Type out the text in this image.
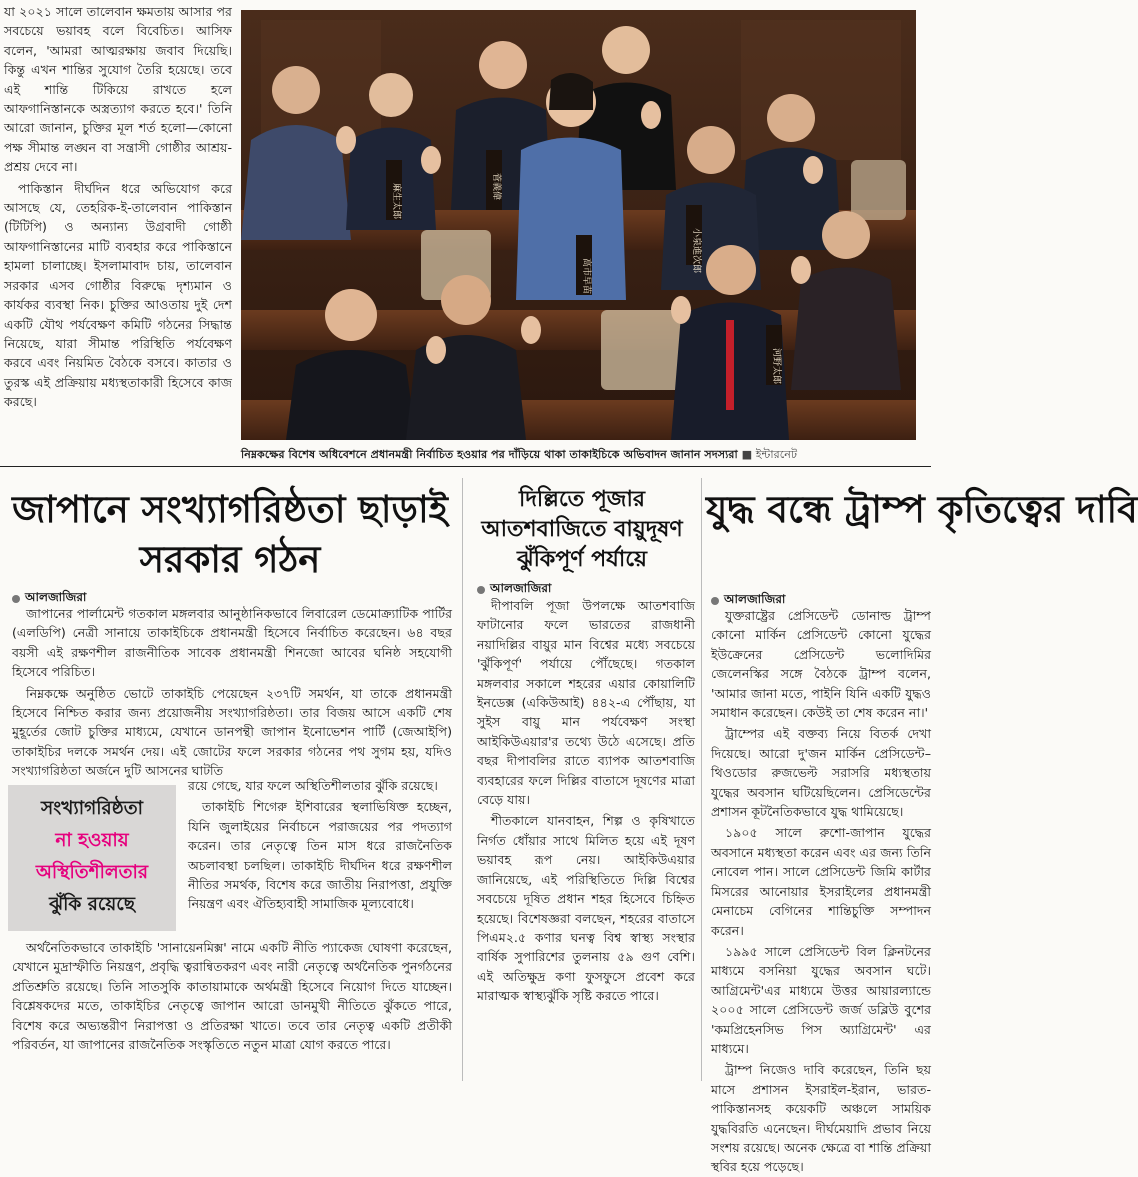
যা ২০২১ সালে তালেবান ক্ষমতায় আসার পর সবচেয়ে ভয়াবহ বলে বিবেচিত। আসিফ বলেন, 'আমরা আত্মরক্ষায় জবাব দিয়েছি। কিন্তু এখন শান্তির সুযোগ তৈরি হয়েছে। তবে এই শান্তি টিকিয়ে রাখতে হলে আফগানিস্তানকে অস্ত্রত্যাগ করতে হবে।' তিনি আরো জানান, চুক্তির মূল শর্ত হলো—কোনো পক্ষ সীমান্ত লঙ্ঘন বা সন্ত্রাসী গোষ্ঠীর আশ্রয়-প্রশ্রয় দেবে না।

পাকিস্তান দীর্ঘদিন ধরে অভিযোগ করে আসছে যে, তেহরিক-ই-তালেবান পাকিস্তান (টিটিপি) ও অন্যান্য উগ্রবাদী গোষ্ঠী আফগানিস্তানের মাটি ব্যবহার করে পাকিস্তানে হামলা চালাচ্ছে। ইসলামাবাদ চায়, তালেবান সরকার এসব গোষ্ঠীর বিরুদ্ধে দৃশ্যমান ও কার্যকর ব্যবস্থা নিক। চুক্তির আওতায় দুই দেশ একটি যৌথ পর্যবেক্ষণ কমিটি গঠনের সিদ্ধান্ত নিয়েছে, যারা সীমান্ত পরিস্থিতি পর্যবেক্ষণ করবে এবং নিয়মিত বৈঠকে বসবে। কাতার ও তুরস্ক এই প্রক্রিয়ায় মধ্যস্থতাকারী হিসেবে কাজ করছে।

麻生太郎	菅義偉
高市早苗
小泉進次郎
河野太郎
নিম্নকক্ষের বিশেষ অধিবেশনে প্রধানমন্ত্রী নির্বাচিত হওয়ার পর দাঁড়িয়ে থাকা তাকাইচিকে অভিবাদন জানান সদস্যরা ■ ইন্টারনেট
জাপানে সংখ্যাগরিষ্ঠতা ছাড়াই সরকার গঠন
আলজাজিরা

জাপানের পার্লামেন্ট গতকাল মঙ্গলবার আনুষ্ঠানিকভাবে লিবারেল ডেমোক্র্যাটিক পার্টির (এলডিপি) নেত্রী সানায়ে তাকাইচিকে প্রধানমন্ত্রী হিসেবে নির্বাচিত করেছেন। ৬৪ বছর বয়সী এই রক্ষণশীল রাজনীতিক সাবেক প্রধানমন্ত্রী শিনজো আবের ঘনিষ্ঠ সহযোগী হিসেবে পরিচিত।

নিম্নকক্ষে অনুষ্ঠিত ভোটে তাকাইচি পেয়েছেন ২৩৭টি সমর্থন, যা তাকে প্রধানমন্ত্রী হিসেবে নিশ্চিত করার জন্য প্রয়োজনীয় সংখ্যাগরিষ্ঠতা। তার বিজয় আসে একটি শেষ মুহূর্তের জোট চুক্তির মাধ্যমে, যেখানে ডানপন্থী জাপান ইনোভেশন পার্টি (জেআইপি) তাকাইচির দলকে সমর্থন দেয়। এই জোটের ফলে সরকার গঠনের পথ সুগম হয়, যদিও সংখ্যাগরিষ্ঠতা অর্জনে দুটি আসনের ঘাটতি

সংখ্যাগরিষ্ঠতা
না হওয়ায়
অস্থিতিশীলতার
ঝুঁকি রয়েছে

রয়ে গেছে, যার ফলে অস্থিতিশীলতার ঝুঁকি রয়েছে।

তাকাইচি শিগেরু ইশিবারের স্থলাভিষিক্ত হচ্ছেন, যিনি জুলাইয়ের নির্বাচনে পরাজয়ের পর পদত্যাগ করেন। তার নেতৃত্বে তিন মাস ধরে রাজনৈতিক অচলাবস্থা চলছিল। তাকাইচি দীর্ঘদিন ধরে রক্ষণশীল নীতির সমর্থক, বিশেষ করে জাতীয় নিরাপত্তা, প্রযুক্তি নিয়ন্ত্রণ এবং ঐতিহ্যবাহী সামাজিক মূল্যবোধে।

অর্থনৈতিকভাবে তাকাইচি 'সানায়েনমিক্স' নামে একটি নীতি প্যাকেজ ঘোষণা করেছেন, যেখানে মুদ্রাস্ফীতি নিয়ন্ত্রণ, প্রবৃদ্ধি ত্বরান্বিতকরণ এবং নারী নেতৃত্বে অর্থনৈতিক পুনর্গঠনের প্রতিশ্রুতি রয়েছে। তিনি সাতসুকি কাতায়ামাকে অর্থমন্ত্রী হিসেবে নিয়োগ দিতে যাচ্ছেন। বিশ্লেষকদের মতে, তাকাইচির নেতৃত্বে জাপান আরো ডানমুখী নীতিতে ঝুঁকতে পারে, বিশেষ করে অভ্যন্তরীণ নিরাপত্তা ও প্রতিরক্ষা খাতে। তবে তার নেতৃত্ব একটি প্রতীকী পরিবর্তন, যা জাপানের রাজনৈতিক সংস্কৃতিতে নতুন মাত্রা যোগ করতে পারে।

দিল্লিতে পূজার আতশবাজিতে বায়ুদূষণ ঝুঁকিপূর্ণ পর্যায়ে
আলজাজিরা

দীপাবলি পূজা উপলক্ষে আতশবাজি ফাটানোর ফলে ভারতের রাজধানী নয়াদিল্লির বায়ুর মান বিশ্বের মধ্যে সবচেয়ে 'ঝুঁকিপূর্ণ' পর্যায়ে পৌঁছেছে। গতকাল মঙ্গলবার সকালে শহরের এয়ার কোয়ালিটি ইনডেক্স (একিউআই) ৪৪২-এ পৌঁছায়, যা সুইস বায়ু মান পর্যবেক্ষণ সংস্থা আইকিউএয়ার'র তথ্যে উঠে এসেছে। প্রতি বছর দীপাবলির রাতে ব্যাপক আতশবাজি ব্যবহারের ফলে দিল্লির বাতাসে দূষণের মাত্রা বেড়ে যায়।

শীতকালে যানবাহন, শিল্প ও কৃষিখাতে নির্গত ধোঁয়ার সাথে মিলিত হয়ে এই দূষণ ভয়াবহ রূপ নেয়। আইকিউএয়ার জানিয়েছে, এই পরিস্থিতিতে দিল্লি বিশ্বের সবচেয়ে দূষিত প্রধান শহর হিসেবে চিহ্নিত হয়েছে। বিশেষজ্ঞরা বলছেন, শহরের বাতাসে পিএম২.৫ কণার ঘনত্ব বিশ্ব স্বাস্থ্য সংস্থার বার্ষিক সুপারিশের তুলনায় ৫৯ গুণ বেশি। এই অতিক্ষুদ্র কণা ফুসফুসে প্রবেশ করে মারাত্মক স্বাস্থ্যঝুঁকি সৃষ্টি করতে পারে।

যুদ্ধ বন্ধে ট্রাম্প কৃতিত্বের দাবি
আলজাজিরা

যুক্তরাষ্ট্রের প্রেসিডেন্ট ডোনাল্ড ট্রাম্প কোনো মার্কিন প্রেসিডেন্ট কোনো যুদ্ধের ইউক্রেনের প্রেসিডেন্ট ভলোদিমির জেলেনস্কির সঙ্গে বৈঠকে ট্রাম্প বলেন, 'আমার জানা মতে, পাইনি যিনি একটি যুদ্ধও সমাধান করেছেন। কেউই তা শেষ করেন না।'

ট্রাম্পের এই বক্তব্য নিয়ে বিতর্ক দেখা দিয়েছে। আরো দু'জন মার্কিন প্রেসিডেন্ট– থিওডোর রুজভেল্ট সরাসরি মধ্যস্থতায় যুদ্ধের অবসান ঘটিয়েছিলেন। প্রেসিডেন্টের প্রশাসন কূটনৈতিকভাবে যুদ্ধ থামিয়েছে।

১৯০৫ সালে রুশো-জাপান যুদ্ধের অবসানে মধ্যস্থতা করেন এবং এর জন্য তিনি নোবেল পান। সালে প্রেসিডেন্ট জিমি কার্টার মিসরের আনোয়ার ইসরাইলের প্রধানমন্ত্রী মেনাচেম বেগিনের শান্তিচুক্তি সম্পাদন করেন।

১৯৯৫ সালে প্রেসিডেন্ট বিল ক্লিনটনের মাধ্যমে বসনিয়া যুদ্ধের অবসান ঘটে। আগ্রিমেন্ট'এর মাধ্যমে উত্তর আয়ারল্যান্ডে ২০০৫ সালে প্রেসিডেন্ট জর্জ ডব্লিউ বুশের 'কমপ্রিহেনসিভ পিস অ্যাগ্রিমেন্ট' এর মাধ্যমে।

ট্রাম্প নিজেও দাবি করেছেন, তিনি ছয় মাসে প্রশাসন ইসরাইল-ইরান, ভারত-পাকিস্তানসহ কয়েকটি অঞ্চলে সাময়িক যুদ্ধবিরতি এনেছেন। দীর্ঘমেয়াদি প্রভাব নিয়ে সংশয় রয়েছে। অনেক ক্ষেত্রে বা শান্তি প্রক্রিয়া স্থবির হয়ে পড়েছে।
